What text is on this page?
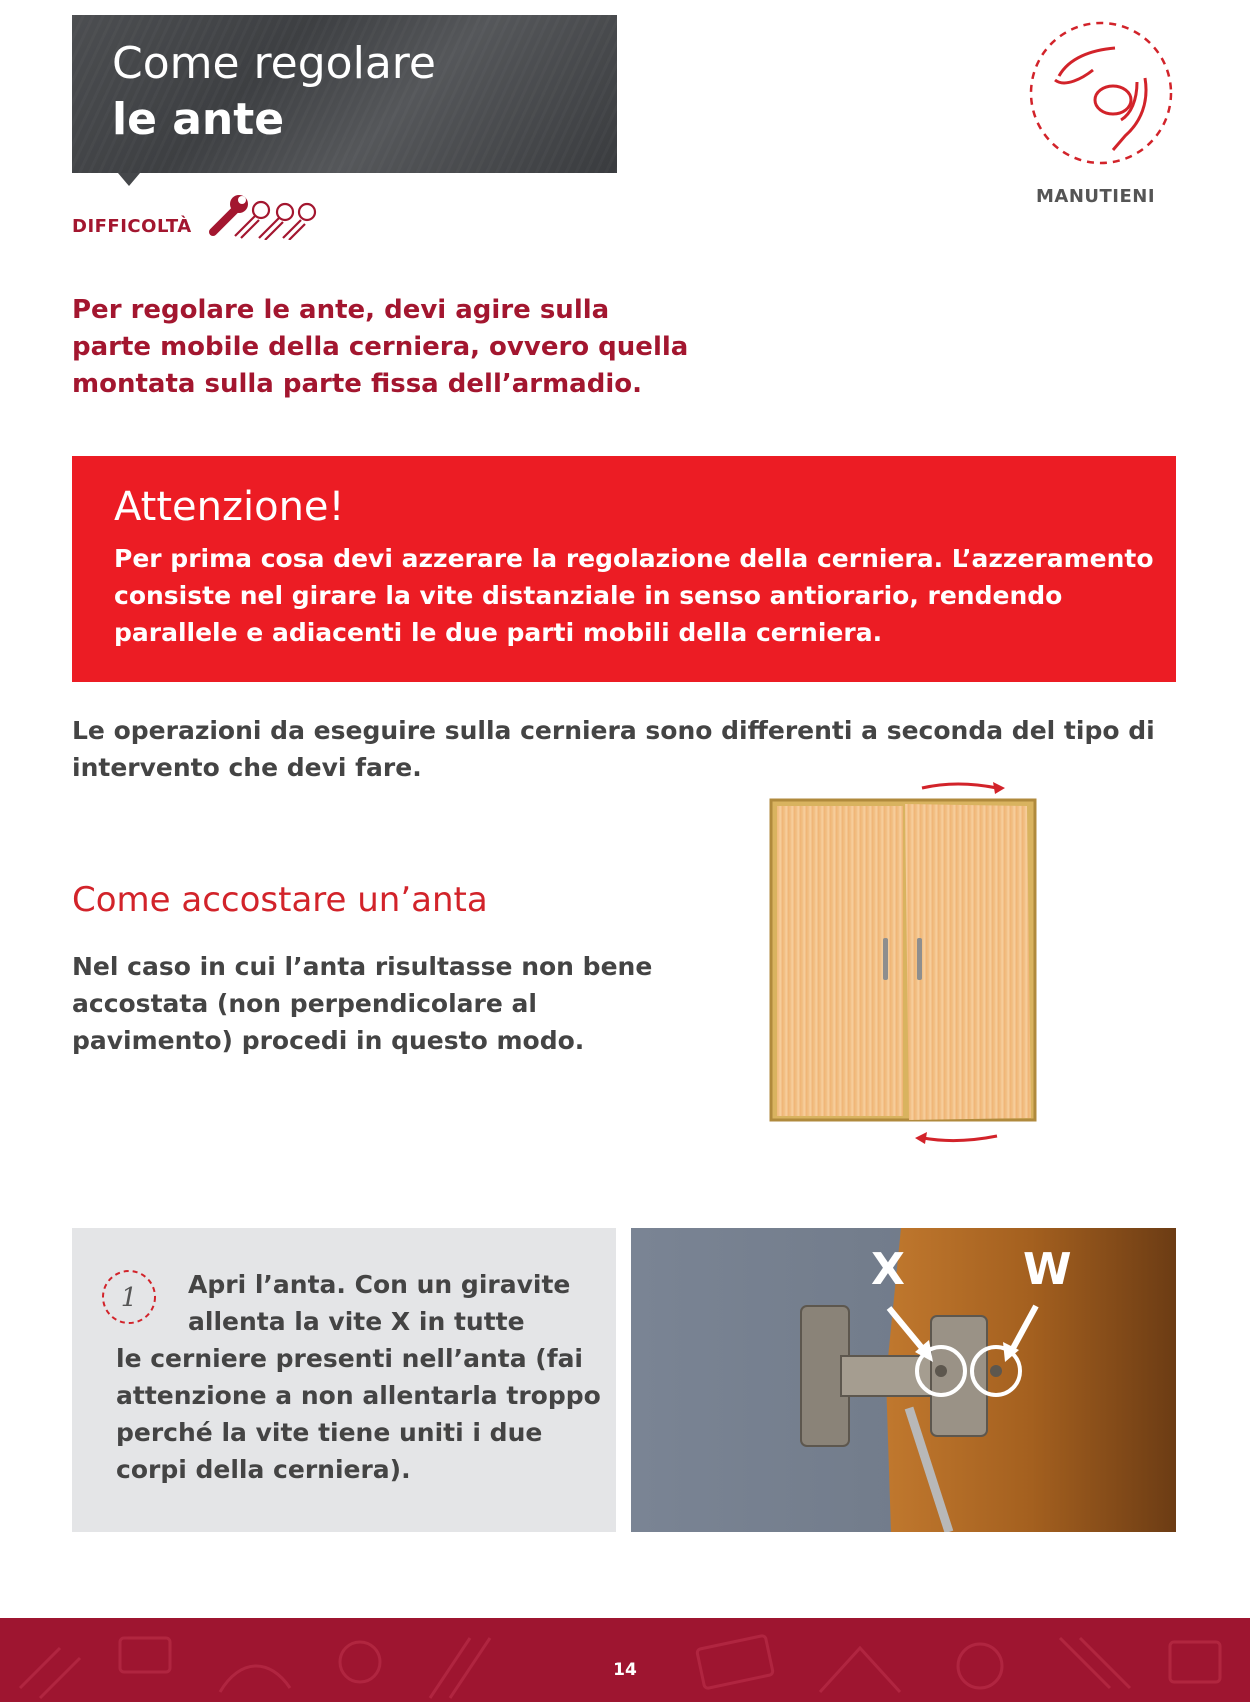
Come regolare
le ante
DIFFICOLTÀ
MANUTIENI
Per regolare le ante, devi agire sulla parte mobile della cerniera, ovvero quella montata sulla parte fissa dell’armadio.
Attenzione!
Per prima cosa devi azzerare la regolazione della cerniera. L’azzeramento consiste nel girare la vite distanziale in senso antiorario, rendendo parallele e adiacenti le due parti mobili della cerniera.
Le operazioni da eseguire sulla cerniera sono differenti a seconda del tipo di intervento che devi fare.
Come accostare un’anta
Nel caso in cui l’anta risultasse non bene accostata (non perpendicolare al pavimento) procedi in questo modo.
1 Apri l’anta. Con un giravite allenta la vite X in tutte
le cerniere presenti nell’anta (fai attenzione a non allentarla troppo perché la vite tiene uniti i due corpi della cerniera).
X	W
14
